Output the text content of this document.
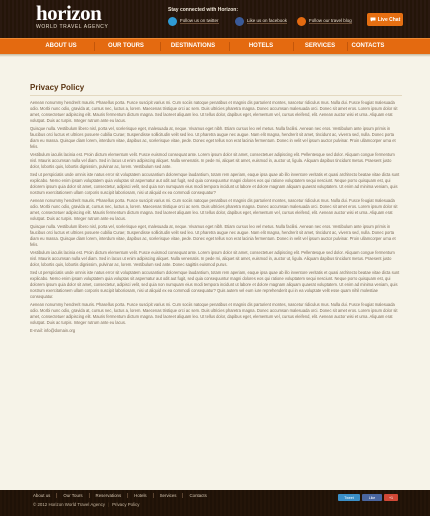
horizon
WORLD TRAVEL AGENCY
Stay connected with Horizon:
Follow us on twitter	Like us on facebook	Follow our travel blog	Live Chat
ABOUT US	OUR TOURS	DESTINATIONS	HOTELS	SERVICES	CONTACTS
Privacy Policy

Aenean nonummy hendrerit mauris. Phasellus porta. Fusce suscipit varius mi. Cum sociis natoque penatibus et magnis dis parturient montes, nascetur ridiculus mus. Nulla dui. Fusce feugiat malesuada odio. Morbi nunc odio, gravida at, cursus nec, luctus a, lorem. Maecenas tristique orci ac sem. Duis ultricies pharetra magna. Donec accumsan malesuada orci. Donec sit amet eros. Lorem ipsum dolor sit amet, consectetuer adipiscing elit. Mauris fermentum dictum magna. Sed laoreet aliquam leo. Ut tellus dolor, dapibus eget, elementum vel, cursus eleifend, elit. Aenean auctor wisi et urna. Aliquam erat volutpat. Duis ac turpis. Integer rutrum ante eu lacus.

Quisque nulla. Vestibulum libero nisl, porta vel, scelerisque eget, malesuada at, neque. Vivamus eget nibh. Etiam cursus leo vel metus. Nulla facilisi. Aenean nec eros. Vestibulum ante ipsum primis in faucibus orci luctus et ultrices posuere cubilia Curae; Suspendisse sollicitudin velit sed leo. Ut pharetra augue nec augue. Nam elit magna, hendrerit sit amet, tincidunt ac, viverra sed, nulla. Donec porta diam eu massa. Quisque diam lorem, interdum vitae, dapibus ac, scelerisque vitae, pede. Donec eget tellus non erat lacinia fermentum. Donec in velit vel ipsum auctor pulvinar. Proin ullamcorper urna et felis.

Vestibulum iaculis lacinia est. Proin dictum elementum velit. Fusce euismod consequat ante. Lorem ipsum dolor sit amet, consectetuer adipiscing elit. Pellentesque sed dolor. Aliquam congue fermentum nisl. Mauris accumsan nulla vel diam. Sed in lacus ut enim adipiscing aliquet. Nulla venenatis. In pede mi, aliquet sit amet, euismod in, auctor ut, ligula. Aliquam dapibus tincidunt metus. Praesent justo dolor, lobortis quis, lobortis dignissim, pulvinar ac, lorem. Vestibulum sed ante.

Sed ut perspiciatis unde omnis iste natus error sit voluptatem accusantium doloremque laudantium, totam rem aperiam, eaque ipsa quae ab illo inventore veritatis et quasi architecto beatae vitae dicta sunt explicabo. Nemo enim ipsam voluptatem quia voluptas sit aspernatur aut odit aut fugit, sed quia consequuntur magni dolores eos qui ratione voluptatem sequi nesciunt. Neque porro quisquam est, qui dolorem ipsum quia dolor sit amet, consectetur, adipisci velit, sed quia non numquam eius modi tempora incidunt ut labore et dolore magnam aliquam quaerat voluptatem. Ut enim ad minima veniam, quis nostrum exercitationem ullam corporis suscipit laboriosam, nisi ut aliquid ex ea commodi consequatur?

Aenean nonummy hendrerit mauris. Phasellus porta. Fusce suscipit varius mi. Cum sociis natoque penatibus et magnis dis parturient montes, nascetur ridiculus mus. Nulla dui. Fusce feugiat malesuada odio. Morbi nunc odio, gravida at, cursus nec, luctus a, lorem. Maecenas tristique orci ac sem. Duis ultricies pharetra magna. Donec accumsan malesuada orci. Donec sit amet eros. Lorem ipsum dolor sit amet, consectetuer adipiscing elit. Mauris fermentum dictum magna. Sed laoreet aliquam leo. Ut tellus dolor, dapibus eget, elementum vel, cursus eleifend, elit. Aenean auctor wisi et urna. Aliquam erat volutpat. Duis ac turpis. Integer rutrum ante eu lacus.

Quisque nulla. Vestibulum libero nisl, porta vel, scelerisque eget, malesuada at, neque. Vivamus eget nibh. Etiam cursus leo vel metus. Nulla facilisi. Aenean nec eros. Vestibulum ante ipsum primis in faucibus orci luctus et ultrices posuere cubilia Curae; Suspendisse sollicitudin velit sed leo. Ut pharetra augue nec augue. Nam elit magna, hendrerit sit amet, tincidunt ac, viverra sed, nulla. Donec porta diam eu massa. Quisque diam lorem, interdum vitae, dapibus ac, scelerisque vitae, pede. Donec eget tellus non erat lacinia fermentum. Donec in velit vel ipsum auctor pulvinar. Proin ullamcorper urna et felis.

Vestibulum iaculis lacinia est. Proin dictum elementum velit. Fusce euismod consequat ante. Lorem ipsum dolor sit amet, consectetuer adipiscing elit. Pellentesque sed dolor. Aliquam congue fermentum nisl. Mauris accumsan nulla vel diam. Sed in lacus ut enim adipiscing aliquet. Nulla venenatis. In pede mi, aliquet sit amet, euismod in, auctor ut, ligula. Aliquam dapibus tincidunt metus. Praesent justo dolor, lobortis quis, lobortis dignissim, pulvinar ac, lorem. Vestibulum sed ante. Donec sagittis euismod purus.

Sed ut perspiciatis unde omnis iste natus error sit voluptatem accusantium doloremque laudantium, totam rem aperiam, eaque ipsa quae ab illo inventore veritatis et quasi architecto beatae vitae dicta sunt explicabo. Nemo enim ipsam voluptatem quia voluptas sit aspernatur aut odit aut fugit, sed quia consequuntur magni dolores eos qui ratione voluptatem sequi nesciunt. Neque porro quisquam est, qui dolorem ipsum quia dolor sit amet, consectetur, adipisci velit, sed quia non numquam eius modi tempora incidunt ut labore et dolore magnam aliquam quaerat voluptatem. Ut enim ad minima veniam, quis nostrum exercitationem ullam corporis suscipit laboriosam, nisi ut aliquid ex ea commodi consequatur? Quis autem vel eum iure reprehenderit qui in ea voluptate velit esse quam nihil molestiae consequatur.

Aenean nonummy hendrerit mauris. Phasellus porta. Fusce suscipit varius mi. Cum sociis natoque penatibus et magnis dis parturient montes, nascetur ridiculus mus. Nulla dui. Fusce feugiat malesuada odio. Morbi nunc odio, gravida at, cursus nec, luctus a, lorem. Maecenas tristique orci ac sem. Duis ultricies pharetra magna. Donec accumsan malesuada orci. Donec sit amet eros. Lorem ipsum dolor sit amet, consectetuer adipiscing elit. Mauris fermentum dictum magna. Sed laoreet aliquam leo. Ut tellus dolor, dapibus eget, elementum vel, cursus eleifend, elit. Aenean auctor wisi et urna. Aliquam erat volutpat. Duis ac turpis. Integer rutrum ante eu lacus.

E-mail: info@domain.org
About us	Our Tours	Reservations	Hotels	Services	Contacts
© 2012 Horizon World Travel Agency | Privacy Policy
Tweet	Like	+1
